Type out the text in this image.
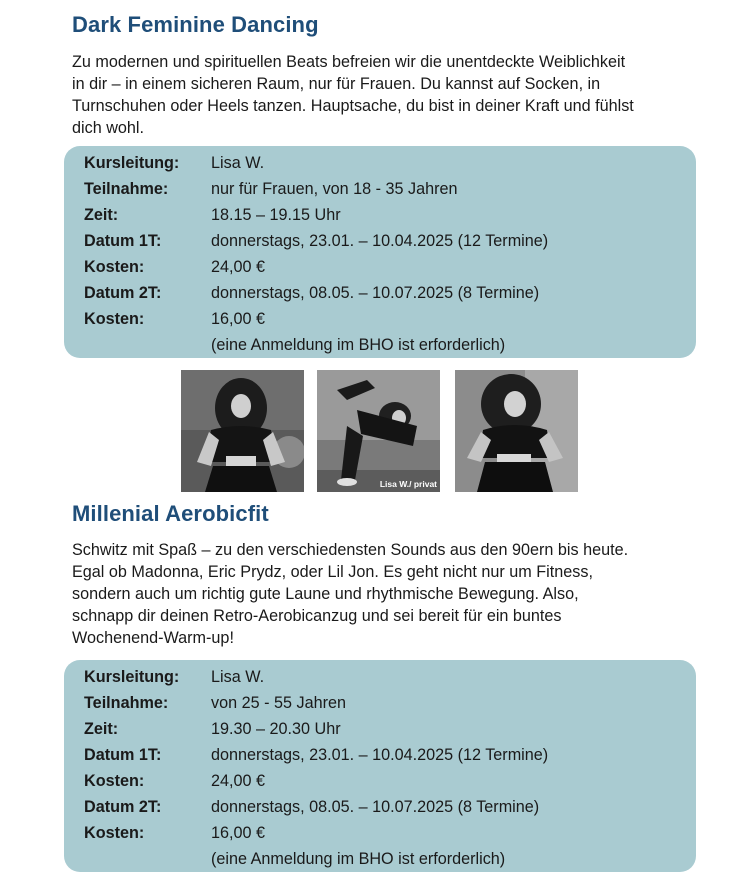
Dark Feminine Dancing

Zu modernen und spirituellen Beats befreien wir die unentdeckte Weiblichkeit
in dir – in einem sicheren Raum, nur für Frauen. Du kannst auf Socken, in
Turnschuhen oder Heels tanzen. Hauptsache, du bist in deiner Kraft und fühlst
dich wohl.

Kursleitung: Lisa W.
Teilnahme:	nur für Frauen, von 18 - 35 Jahren
Zeit:	18.15 – 19.15 Uhr
Datum 1T:	donnerstags, 23.01. – 10.04.2025 (12 Termine)
Kosten:	24,00 €
Datum 2T:	donnerstags, 08.05. – 10.07.2025 (8 Termine)
Kosten:	16,00 €
(eine Anmeldung im BHO ist erforderlich)
Lisa W./ privat
Millenial Aerobicfit

Schwitz mit Spaß – zu den verschiedensten Sounds aus den 90ern bis heute.
Egal ob Madonna, Eric Prydz, oder Lil Jon. Es geht nicht nur um Fitness,
sondern auch um richtig gute Laune und rhythmische Bewegung. Also,
schnapp dir deinen Retro-Aerobicanzug und sei bereit für ein buntes
Wochenend-Warm-up!

Kursleitung: Lisa W.
Teilnahme:	von 25 - 55 Jahren
Zeit:	19.30 – 20.30 Uhr
Datum 1T:	donnerstags, 23.01. – 10.04.2025 (12 Termine)
Kosten:	24,00 €
Datum 2T:	donnerstags, 08.05. – 10.07.2025 (8 Termine)
Kosten:	16,00 €
(eine Anmeldung im BHO ist erforderlich)
